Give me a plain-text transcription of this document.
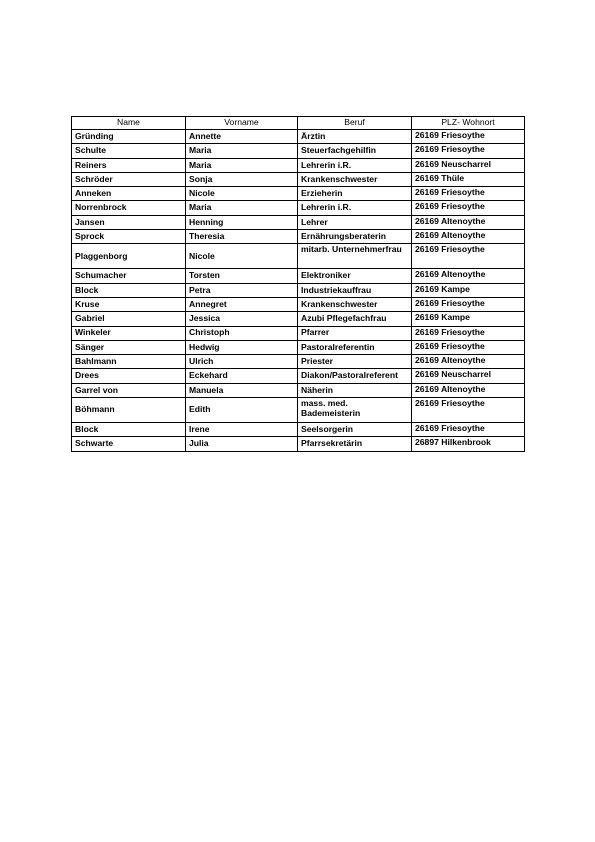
Name	Vorname	Beruf	PLZ- Wohnort
Gründing	Annette	Ärztin	26169 Friesoythe
Schulte	Maria	Steuerfachgehilfin	26169 Friesoythe
Reiners	Maria	Lehrerin i.R.	26169 Neuscharrel
Schröder	Sonja	Krankenschwester	26169 Thüle
Anneken	Nicole	Erzieherin	26169 Friesoythe
Norrenbrock	Maria	Lehrerin i.R.	26169 Friesoythe
Jansen	Henning	Lehrer	26169 Altenoythe
Sprock	Theresia	Ernährungsberaterin	26169 Altenoythe
Plaggenborg	Nicole	mitarb. Unternehmerfrau	26169 Friesoythe
Schumacher	Torsten	Elektroniker	26169 Altenoythe
Block	Petra	Industriekauffrau	26169 Kampe
Kruse	Annegret	Krankenschwester	26169 Friesoythe
Gabriel	Jessica	Azubi Pflegefachfrau	26169 Kampe
Winkeler	Christoph	Pfarrer	26169 Friesoythe
Sänger	Hedwig	Pastoralreferentin	26169 Friesoythe
Bahlmann	Ulrich	Priester	26169 Altenoythe
Drees	Eckehard	Diakon/Pastoralreferent	26169 Neuscharrel
Garrel von	Manuela	Näherin	26169 Altenoythe
Böhmann	Edith	mass. med. Bademeisterin	26169 Friesoythe
Block	Irene	Seelsorgerin	26169 Friesoythe
Schwarte	Julia	Pfarrsekretärin	26897 Hilkenbrook
